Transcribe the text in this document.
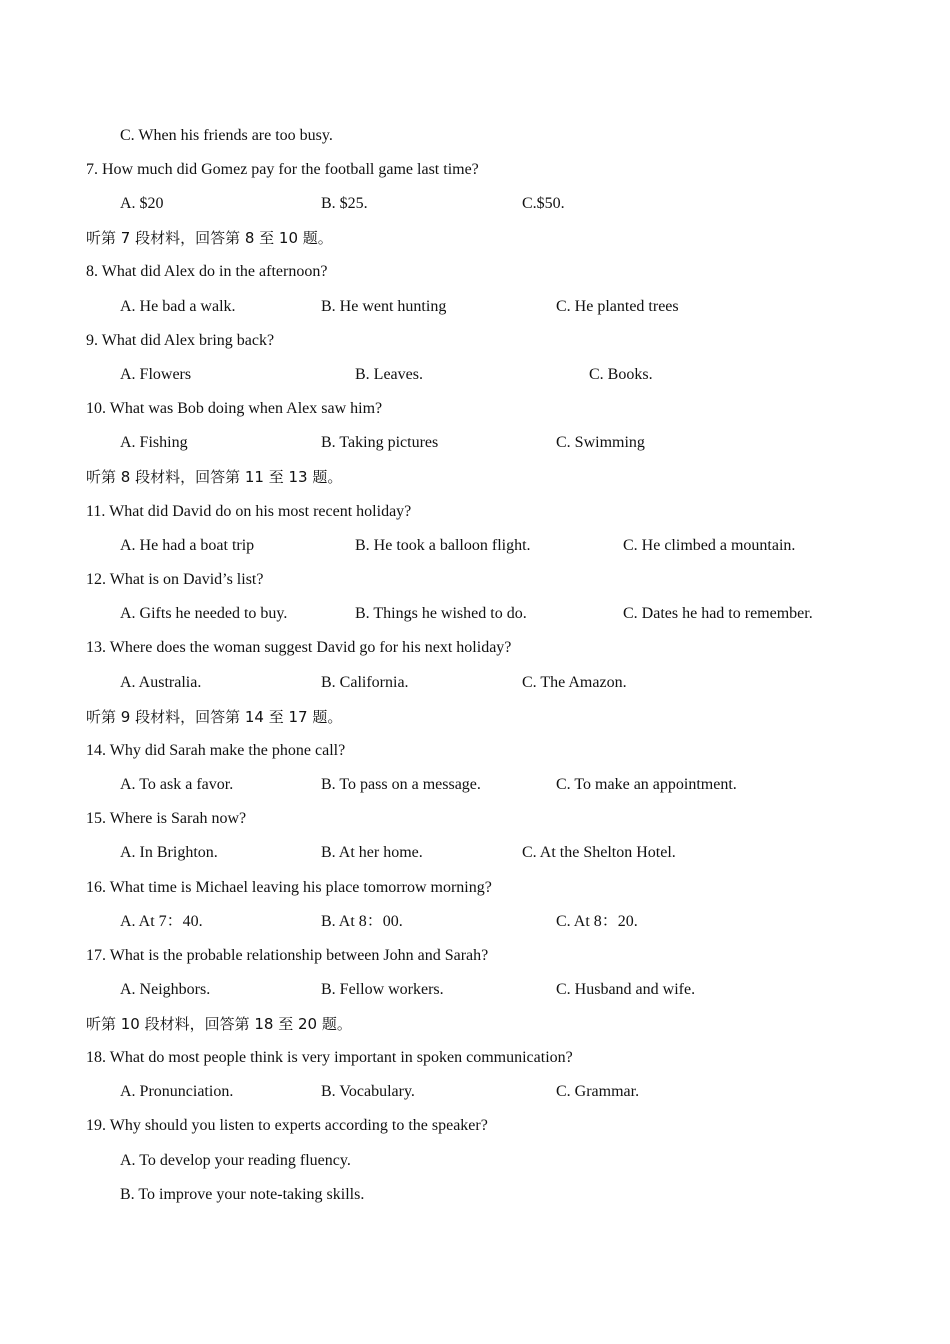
C. When his friends are too busy.
7. How much did Gomez pay for the football game last time?
A. $20	B. $25.	C.$50.
听第 7 段材料，回答第 8 至 10 题。
8. What did Alex do in the afternoon?
A. He bad a walk.	B. He went hunting	C. He planted trees
9. What did Alex bring back?
A. Flowers	B. Leaves.	C. Books.
10. What was Bob doing when Alex saw him?
A. Fishing	B. Taking pictures	C. Swimming
听第 8 段材料，回答第 11 至 13 题。
11. What did David do on his most recent holiday?
A. He had a boat trip	B. He took a balloon flight.	C. He climbed a mountain.
12. What is on David’s list?
A. Gifts he needed to buy.	B. Things he wished to do.	C. Dates he had to remember.
13. Where does the woman suggest David go for his next holiday?
A. Australia.	B. California.	C. The Amazon.
听第 9 段材料，回答第 14 至 17 题。
14. Why did Sarah make the phone call?
A. To ask a favor.	B. To pass on a message.	C. To make an appointment.
15. Where is Sarah now?
A. In Brighton.	B. At her home.	C. At the Shelton Hotel.
16. What time is Michael leaving his place tomorrow morning?
A. At 7：40.	B. At 8：00.	C. At 8：20.
17. What is the probable relationship between John and Sarah?
A. Neighbors.	B. Fellow workers.	C. Husband and wife.
听第 10 段材料，回答第 18 至 20 题。
18. What do most people think is very important in spoken communication?
A. Pronunciation.	B. Vocabulary.	C. Grammar.
19. Why should you listen to experts according to the speaker?
A. To develop your reading fluency.
B. To improve your note-taking skills.
